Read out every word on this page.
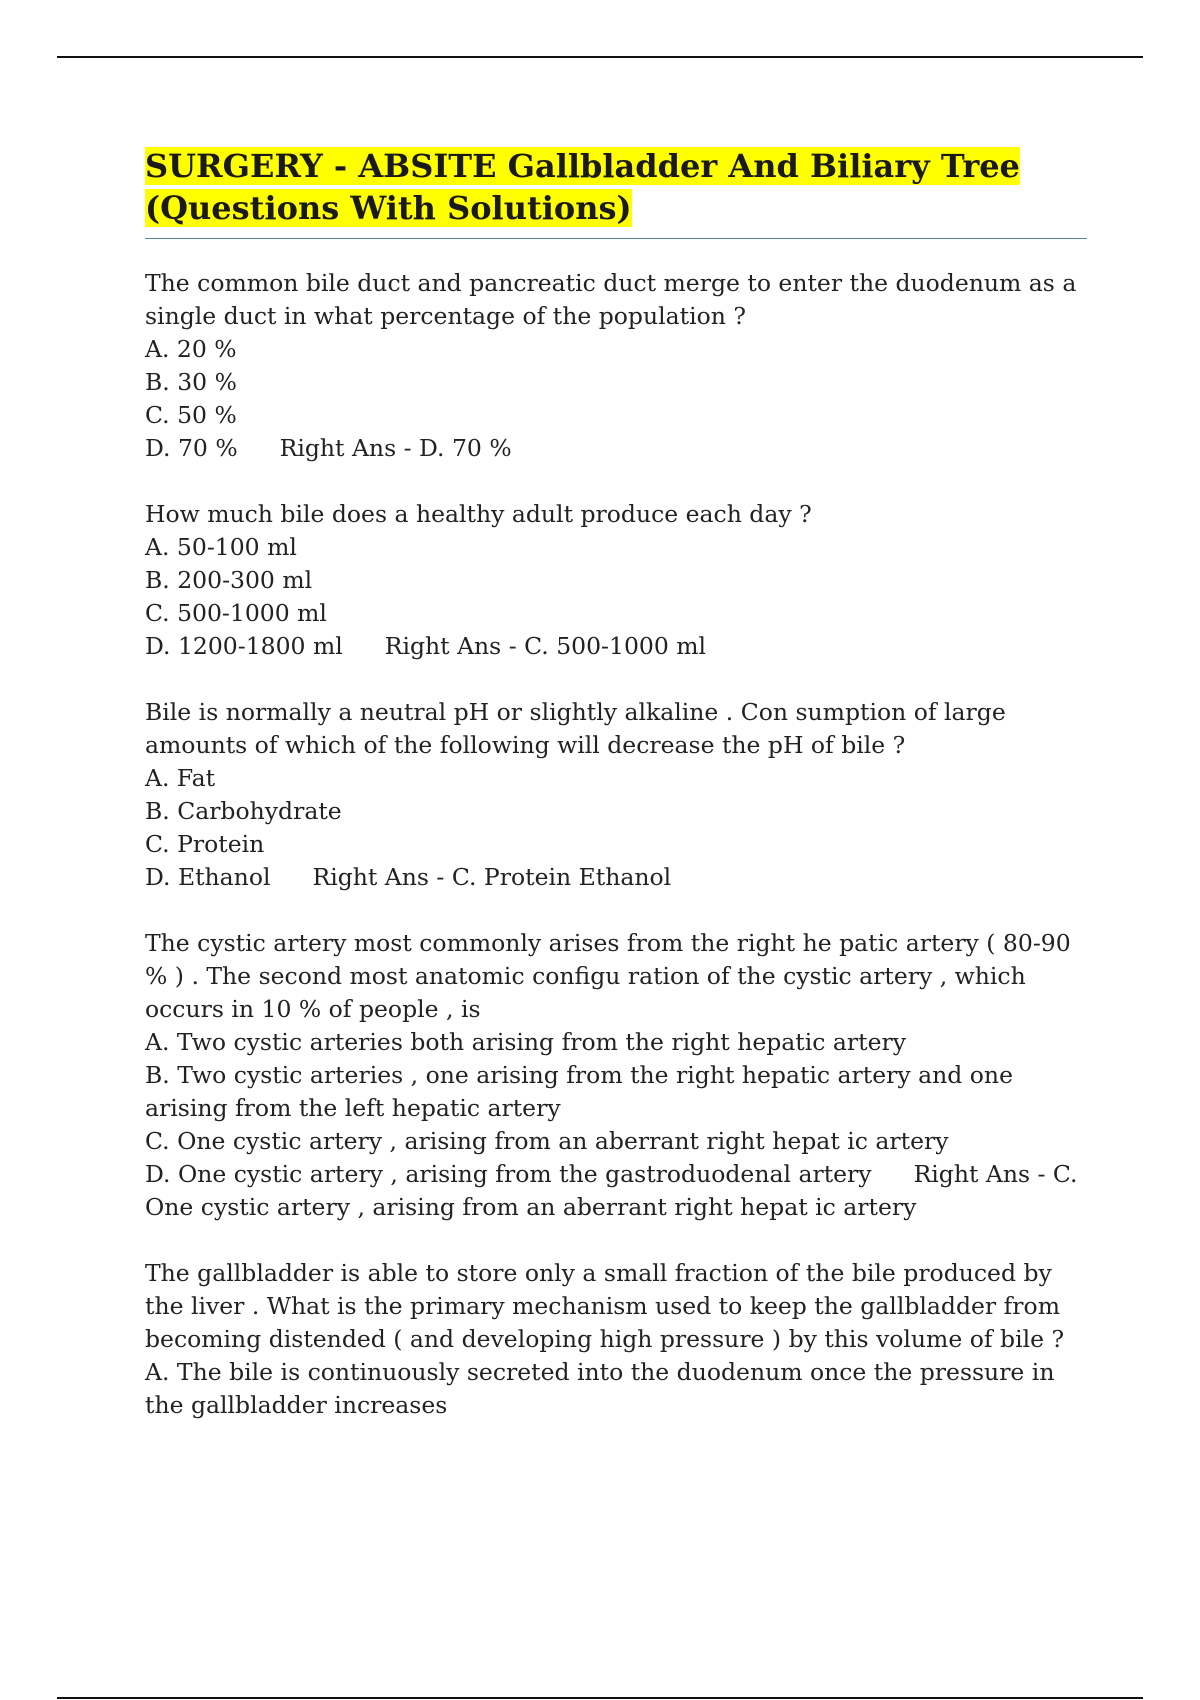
SURGERY - ABSITE Gallbladder And Biliary Tree
(Questions With Solutions)

The common bile duct and pancreatic duct merge to enter the duodenum as a single duct in what percentage of the population ?

A. 20 %

B. 30 %

C. 50 %

D. 70 % Right Ans - D. 70 %

How much bile does a healthy adult produce each day ?

A. 50-100 ml

B. 200-300 ml

C. 500-1000 ml

D. 1200-1800 ml Right Ans - C. 500-1000 ml

Bile is normally a neutral pH or slightly alkaline . Con sumption of large amounts of which of the following will decrease the pH of bile ?

A. Fat

B. Carbohydrate

C. Protein

D. Ethanol Right Ans - C. Protein Ethanol

The cystic artery most commonly arises from the right he patic artery ( 80-90 % ) . The second most anatomic configu ration of the cystic artery , which occurs in 10 % of people , is

A. Two cystic arteries both arising from the right hepatic artery

B. Two cystic arteries , one arising from the right hepatic artery and one arising from the left hepatic artery

C. One cystic artery , arising from an aberrant right hepat ic artery

D. One cystic artery , arising from the gastroduodenal artery Right Ans - C. One cystic artery , arising from an aberrant right hepat ic artery

The gallbladder is able to store only a small fraction of the bile produced by the liver . What is the primary mechanism used to keep the gallbladder from becoming distended ( and developing high pressure ) by this volume of bile ?

A. The bile is continuously secreted into the duodenum once the pressure in the gallbladder increases
